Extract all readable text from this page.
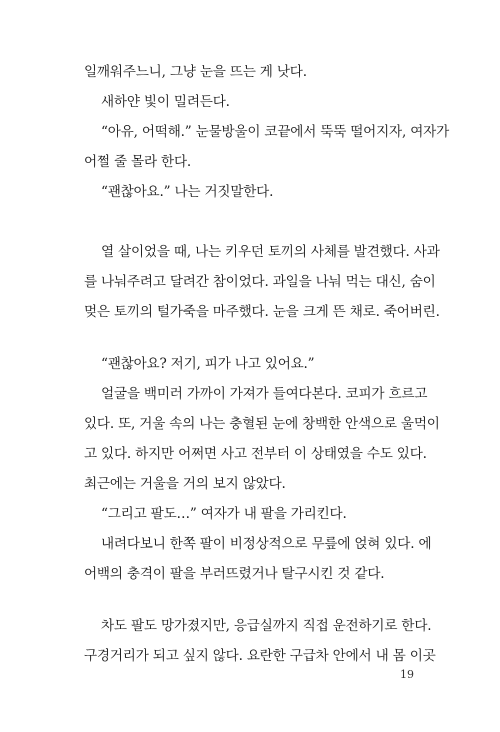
일깨워주느니, 그냥 눈을 뜨는 게 낫다.
새하얀 빛이 밀려든다.
“아유, 어떡해.” 눈물방울이 코끝에서 뚝뚝 떨어지자, 여자가
어쩔 줄 몰라 한다.
“괜찮아요.” 나는 거짓말한다.
열 살이었을 때, 나는 키우던 토끼의 사체를 발견했다. 사과
를 나눠주려고 달려간 참이었다. 과일을 나눠 먹는 대신, 숨이
멎은 토끼의 털가죽을 마주했다. 눈을 크게 뜬 채로. 죽어버린.
“괜찮아요? 저기, 피가 나고 있어요.”
얼굴을 백미러 가까이 가져가 들여다본다. 코피가 흐르고
있다. 또, 거울 속의 나는 충혈된 눈에 창백한 안색으로 울먹이
고 있다. 하지만 어쩌면 사고 전부터 이 상태였을 수도 있다.
최근에는 거울을 거의 보지 않았다.
“그리고 팔도…” 여자가 내 팔을 가리킨다.
내려다보니 한쪽 팔이 비정상적으로 무릎에 얹혀 있다. 에
어백의 충격이 팔을 부러뜨렸거나 탈구시킨 것 같다.
차도 팔도 망가졌지만, 응급실까지 직접 운전하기로 한다.
구경거리가 되고 싶지 않다. 요란한 구급차 안에서 내 몸 이곳
19
